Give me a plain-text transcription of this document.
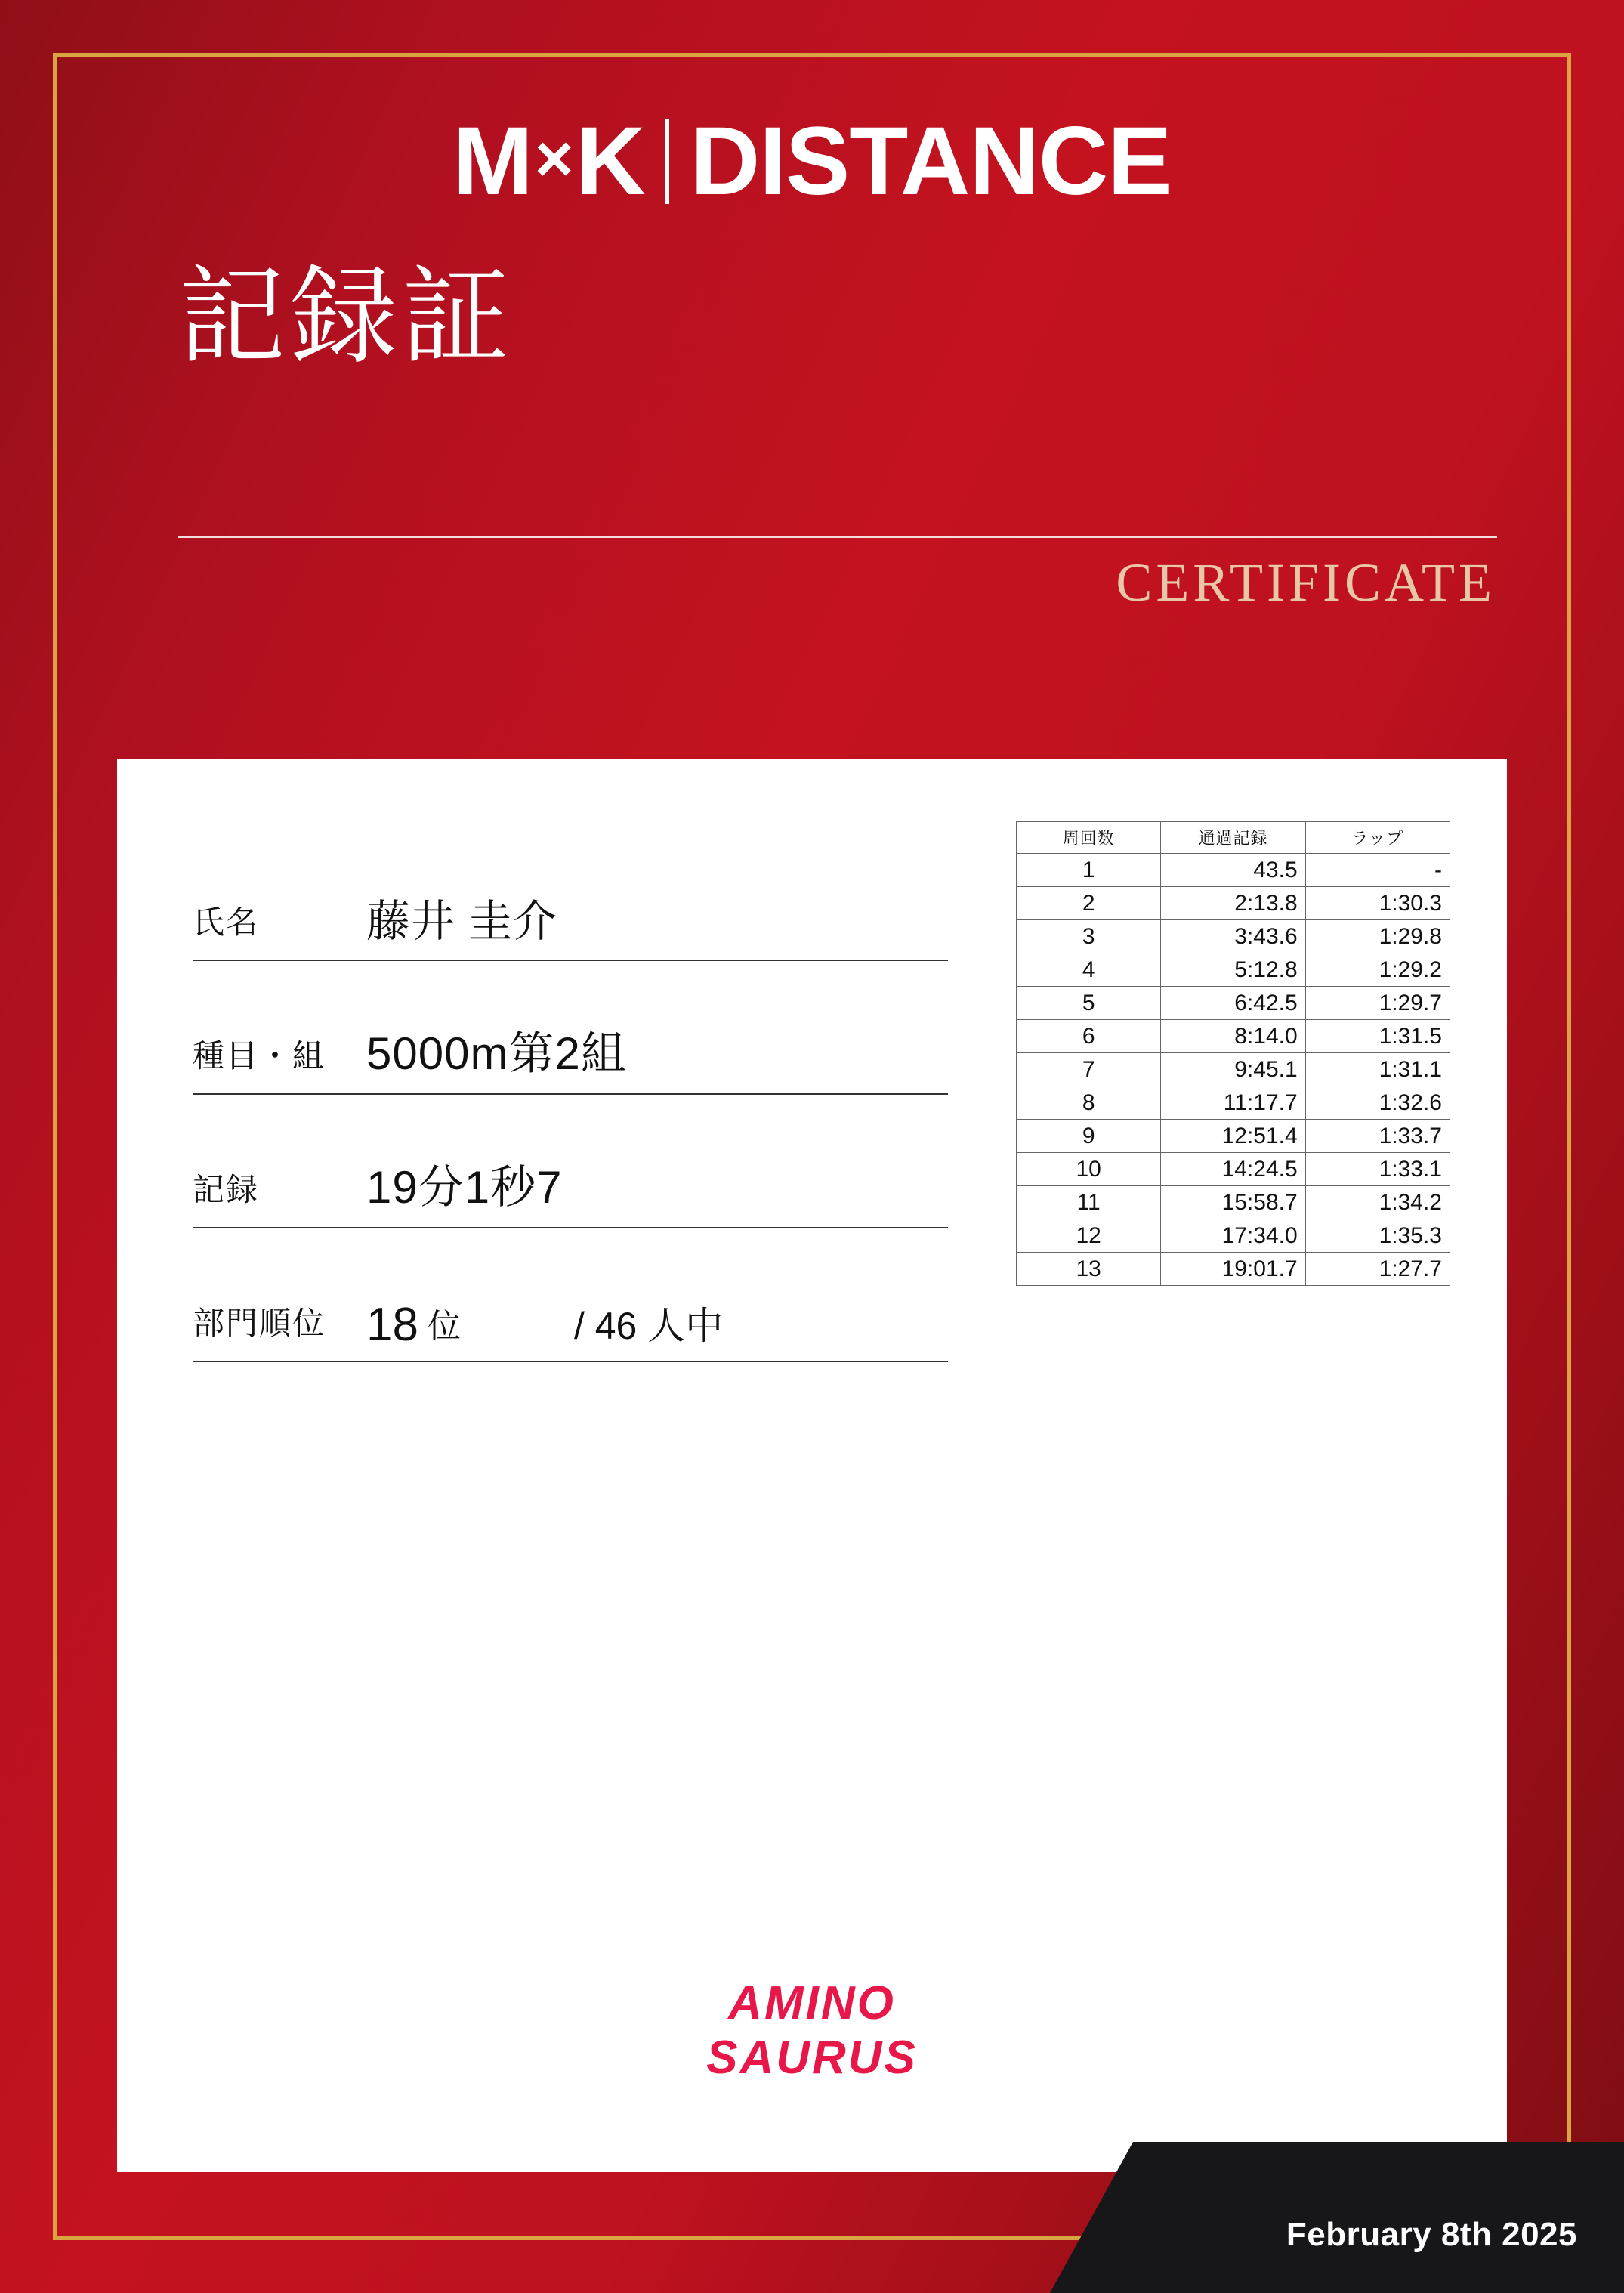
M × K DISTANCE
記録証
CERTIFICATE
氏名	藤井 圭介
種目・組 5000m第2組
記録	19分1秒7
部門順位 18 位	/ 46 人中
周回数	通過記録	ラップ
1	43.5	-
2	2:13.8	1:30.3
3	3:43.6	1:29.8
4	5:12.8	1:29.2
5	6:42.5	1:29.7
6	8:14.0	1:31.5
7	9:45.1	1:31.1
8	11:17.7	1:32.6
9	12:51.4	1:33.7
10	14:24.5	1:33.1
11	15:58.7	1:34.2
12	17:34.0	1:35.3
13	19:01.7	1:27.7
AMINO
SAURUS
February 8th 2025
